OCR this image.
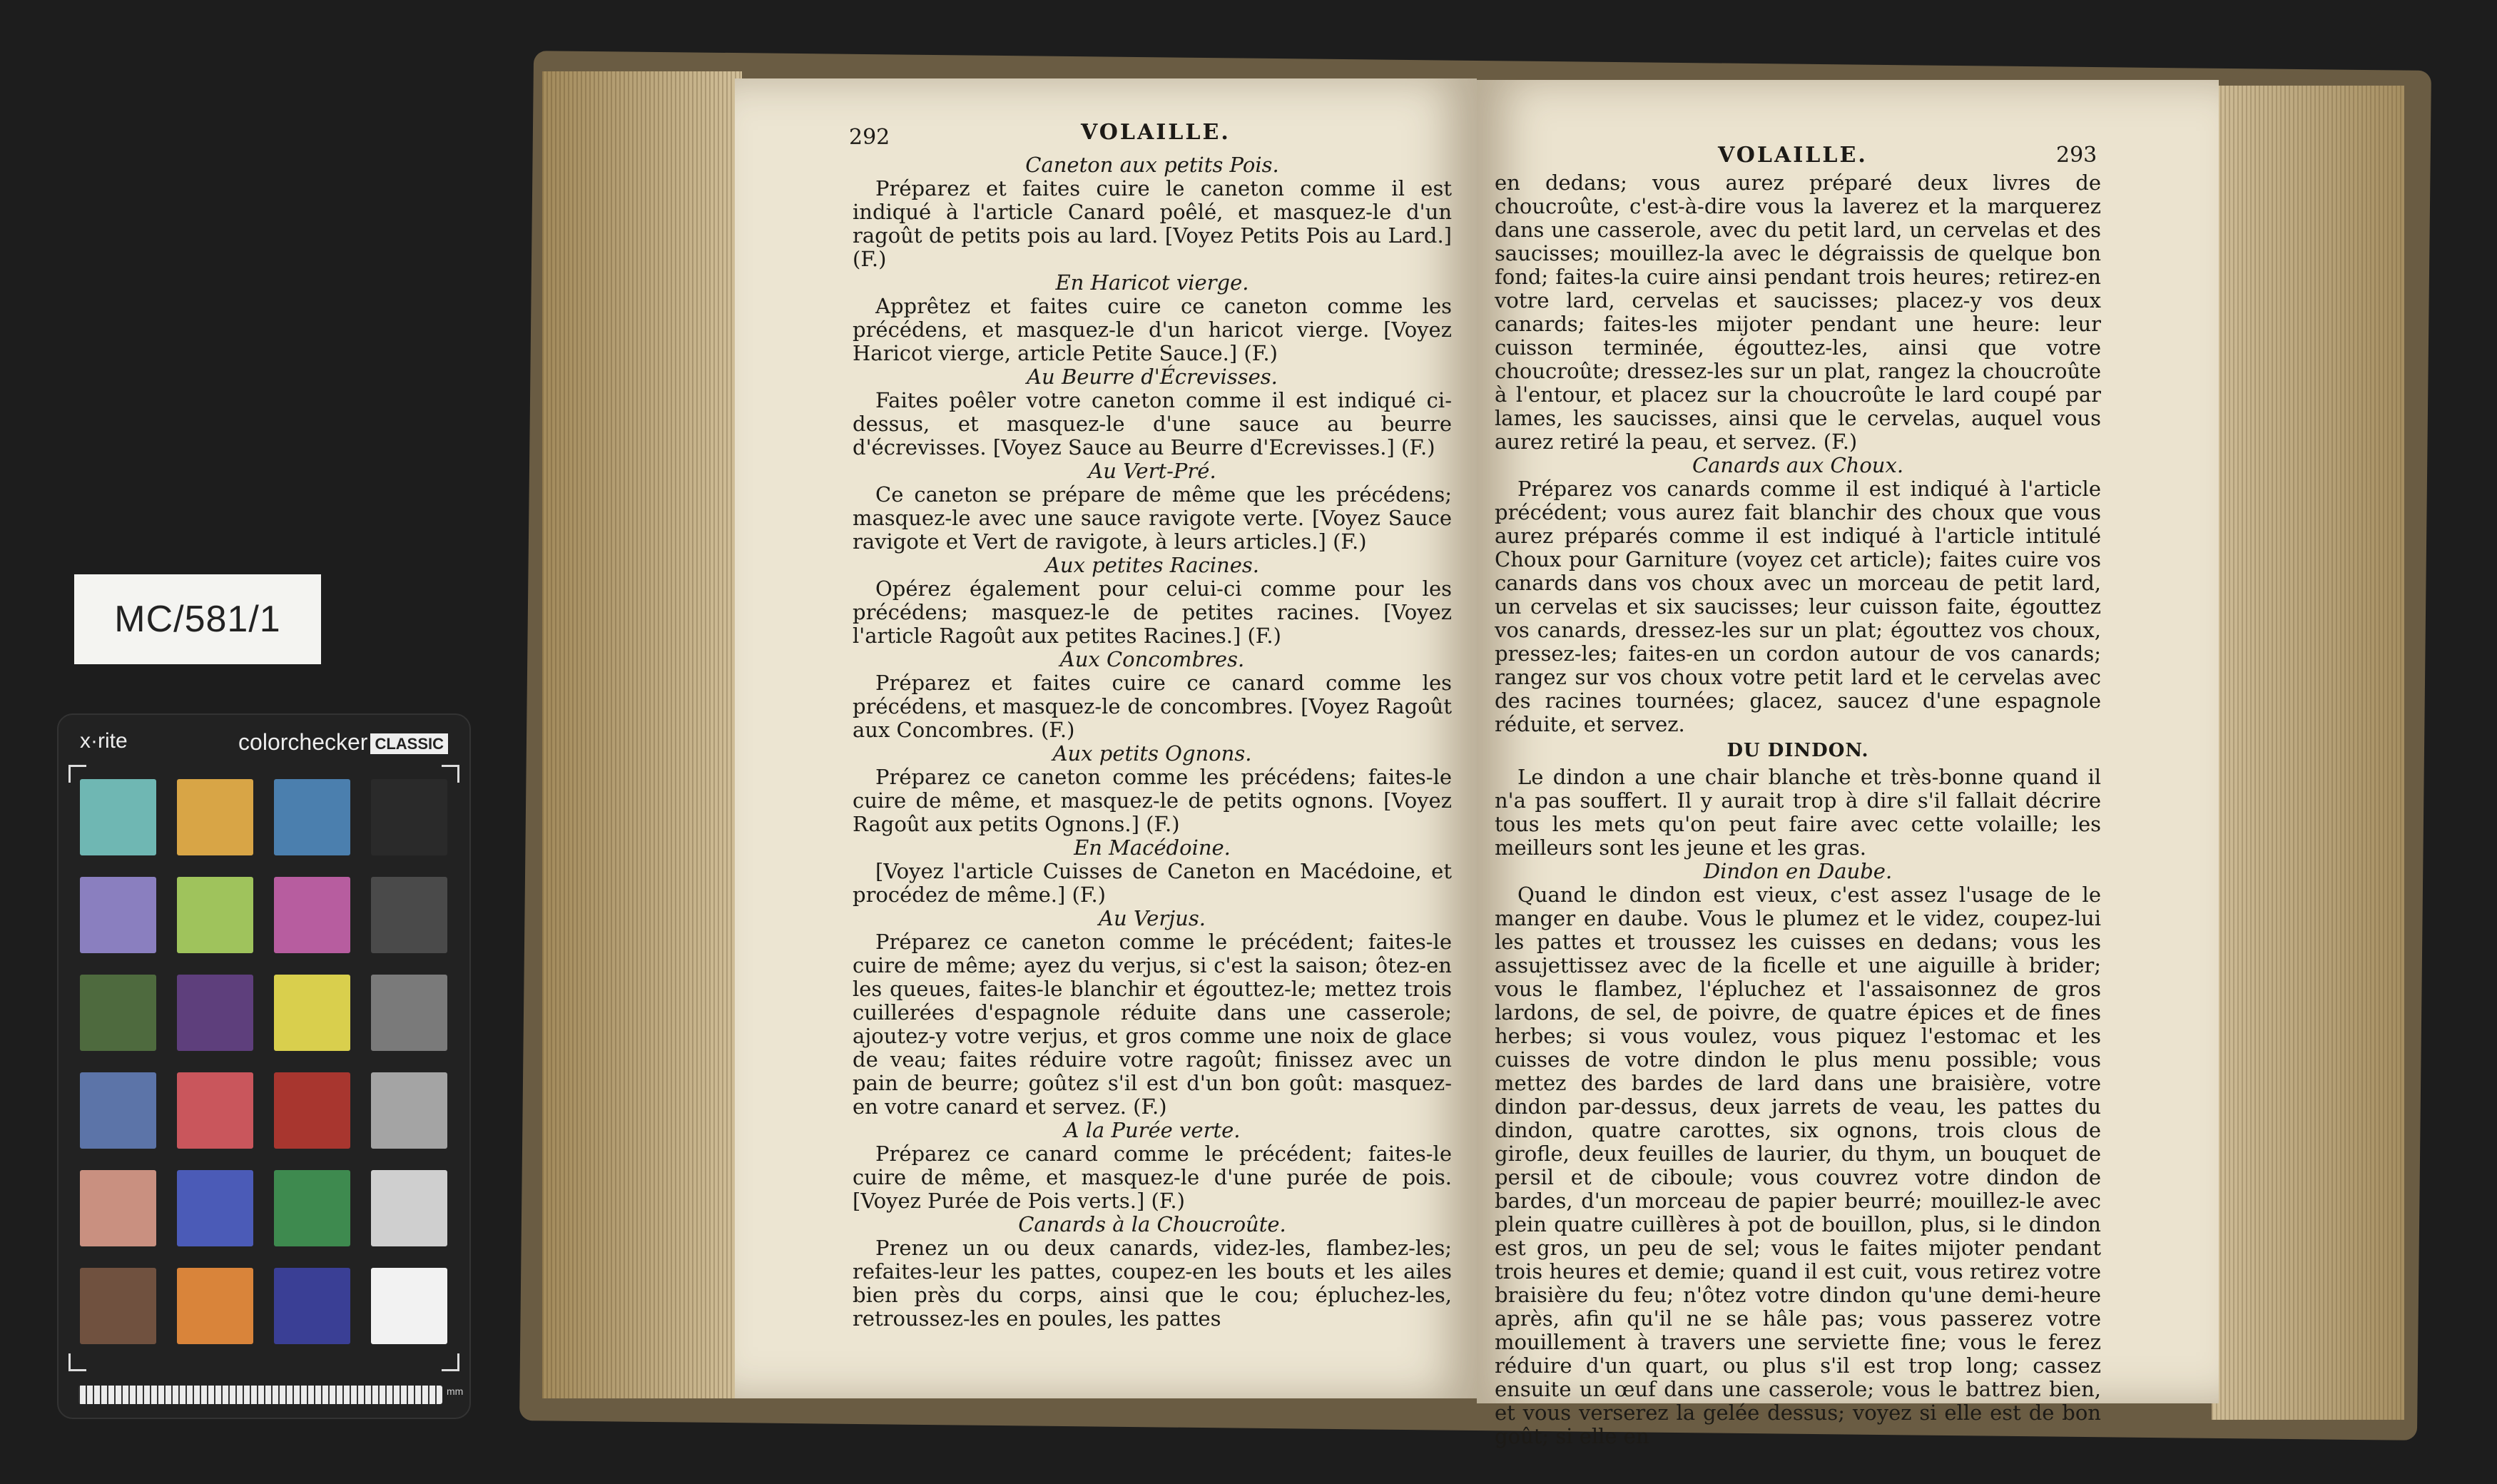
MC/581/1
x·rite	colorchecker CLASSIC
mm
292	VOLAILLE.
VOLAILLE.	293

Caneton aux petits Pois.

Préparez et faites cuire le caneton comme il est indiqué à l'article Canard poêlé, et masquez-le d'un ragoût de petits pois au lard. [Voyez Petits Pois au Lard.] (F.)

En Haricot vierge.

Apprêtez et faites cuire ce caneton comme les précédens, et masquez-le d'un haricot vierge. [Voyez Haricot vierge, article Petite Sauce.] (F.)

Au Beurre d'Écrevisses.

Faites poêler votre caneton comme il est indiqué ci-dessus, et masquez-le d'une sauce au beurre d'écrevisses. [Voyez Sauce au Beurre d'Ecrevisses.] (F.)

Au Vert-Pré.

Ce caneton se prépare de même que les précédens; masquez-le avec une sauce ravigote verte. [Voyez Sauce ravigote et Vert de ravigote, à leurs articles.] (F.)

Aux petites Racines.

Opérez également pour celui-ci comme pour les précédens; masquez-le de petites racines. [Voyez l'article Ragoût aux petites Racines.] (F.)

Aux Concombres.

Préparez et faites cuire ce canard comme les précédens, et masquez-le de concombres. [Voyez Ragoût aux Concombres. (F.)

Aux petits Ognons.

Préparez ce caneton comme les précédens; faites-le cuire de même, et masquez-le de petits ognons. [Voyez Ragoût aux petits Ognons.] (F.)

En Macédoine.

[Voyez l'article Cuisses de Caneton en Macédoine, et procédez de même.] (F.)

Au Verjus.

Préparez ce caneton comme le précédent; faites-le cuire de même; ayez du verjus, si c'est la saison; ôtez-en les queues, faites-le blanchir et égouttez-le; mettez trois cuillerées d'espagnole réduite dans une casserole; ajoutez-y votre verjus, et gros comme une noix de glace de veau; faites réduire votre ragoût; finissez avec un pain de beurre; goûtez s'il est d'un bon goût: masquez-en votre canard et servez. (F.)

A la Purée verte.

Préparez ce canard comme le précédent; faites-le cuire de même, et masquez-le d'une purée de pois. [Voyez Purée de Pois verts.] (F.)

Canards à la Choucroûte.

Prenez un ou deux canards, videz-les, flambez-les; refaites-leur les pattes, coupez-en les bouts et les ailes bien près du corps, ainsi que le cou; épluchez-les, retroussez-les en poules, les pattes

en dedans; vous aurez préparé deux livres de choucroûte, c'est-à-dire vous la laverez et la marquerez dans une casserole, avec du petit lard, un cervelas et des saucisses; mouillez-la avec le dégraissis de quelque bon fond; faites-la cuire ainsi pendant trois heures; retirez-en votre lard, cervelas et saucisses; placez-y vos deux canards; faites-les mijoter pendant une heure: leur cuisson terminée, égouttez-les, ainsi que votre choucroûte; dressez-les sur un plat, rangez la choucroûte à l'entour, et placez sur la choucroûte le lard coupé par lames, les saucisses, ainsi que le cervelas, auquel vous aurez retiré la peau, et servez. (F.)

Canards aux Choux.

Préparez vos canards comme il est indiqué à l'article précédent; vous aurez fait blanchir des choux que vous aurez préparés comme il est indiqué à l'article intitulé Choux pour Garniture (voyez cet article); faites cuire vos canards dans vos choux avec un morceau de petit lard, un cervelas et six saucisses; leur cuisson faite, égouttez vos canards, dressez-les sur un plat; égouttez vos choux, pressez-les; faites-en un cordon autour de vos canards; rangez sur vos choux votre petit lard et le cervelas avec des racines tournées; glacez, saucez d'une espagnole réduite, et servez.

DU DINDON.

Le dindon a une chair blanche et très-bonne quand il n'a pas souffert. Il y aurait trop à dire s'il fallait décrire tous les mets qu'on peut faire avec cette volaille; les meilleurs sont les jeune et les gras.

Dindon en Daube.

Quand le dindon est vieux, c'est assez l'usage de le manger en daube. Vous le plumez et le videz, coupez-lui les pattes et troussez les cuisses en dedans; vous les assujettissez avec de la ficelle et une aiguille à brider; vous le flambez, l'épluchez et l'assaisonnez de gros lardons, de sel, de poivre, de quatre épices et de fines herbes; si vous voulez, vous piquez l'estomac et les cuisses de votre dindon le plus menu possible; vous mettez des bardes de lard dans une braisière, votre dindon par-dessus, deux jarrets de veau, les pattes du dindon, quatre carottes, six ognons, trois clous de girofle, deux feuilles de laurier, du thym, un bouquet de persil et de ciboule; vous couvrez votre dindon de bardes, d'un morceau de papier beurré; mouillez-le avec plein quatre cuillères à pot de bouillon, plus, si le dindon est gros, un peu de sel; vous le faites mijoter pendant trois heures et demie; quand il est cuit, vous retirez votre braisière du feu; n'ôtez votre dindon qu'une demi-heure après, afin qu'il ne se hâle pas; vous passerez votre mouillement à travers une serviette fine; vous le ferez réduire d'un quart, ou plus s'il est trop long; cassez ensuite un œuf dans une casserole; vous le battrez bien, et vous verserez la gelée dessus; voyez si elle est de bon goût; si elle en
